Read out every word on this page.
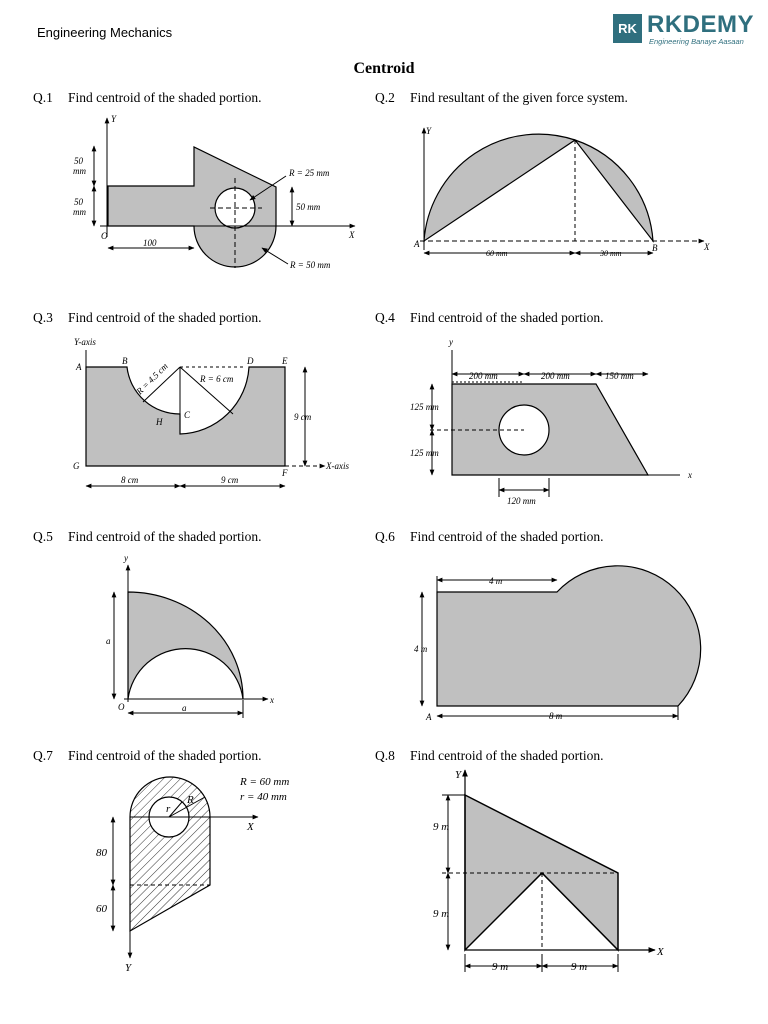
Engineering Mechanics	RK RKDEMY
Engineering Banaye Aasaan
Centroid
Q.1 Find centroid of the shaded portion.	Q.2 Find resultant of the given force system.
Q.3 Find centroid of the shaded portion.	Q.4 Find centroid of the shaded portion.
Q.5 Find centroid of the shaded portion.	Q.6 Find centroid of the shaded portion.
Q.7 Find centroid of the shaded portion.	Q.8 Find centroid of the shaded portion.
Y
X
O
50
mm
50
mm
100
R = 25 mm
50 mm
R = 50 mm
Y
X
A	B
60 mm	30 mm
Y-axis
X-axis
A
B
C
D	E
F
G
H
R = 4.5 cm	R = 6 cm
9 cm
8 cm	9 cm
y
x
200 mm	200 mm	150 mm
125 mm
125 mm
120 mm
y
x
O
a
a
4 m
4 m
8 m
A
R = 60 mm
r = 40 mm
X
Y
r
R
80
60
Y
X
9 m
9 m
9 m	9 m
